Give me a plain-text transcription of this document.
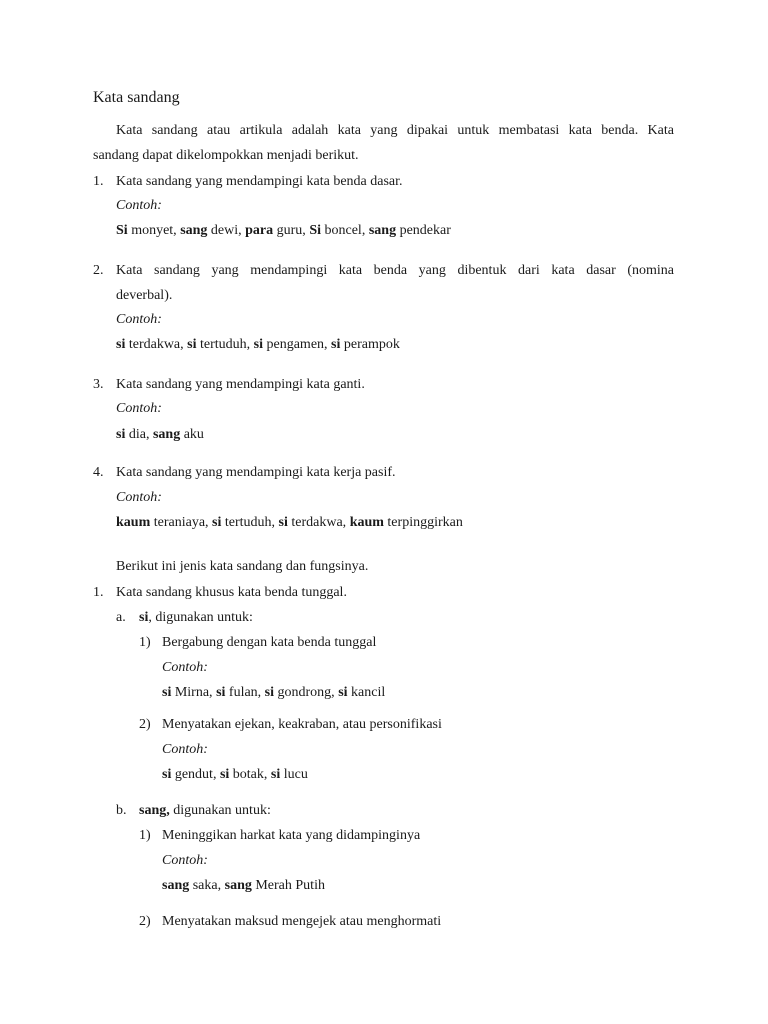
Kata sandang
Kata sandang atau artikula adalah kata yang dipakai untuk membatasi kata benda. Kata
sandang dapat dikelompokkan menjadi berikut.
1. Kata sandang yang mendampingi kata benda dasar.
Contoh:
Si monyet, sang dewi, para guru, Si boncel, sang pendekar
2. Kata sandang yang mendampingi kata benda yang dibentuk dari kata dasar (nomina
deverbal).
Contoh:
si terdakwa, si tertuduh, si pengamen, si perampok
3. Kata sandang yang mendampingi kata ganti.
Contoh:
si dia, sang aku
4. Kata sandang yang mendampingi kata kerja pasif.
Contoh:
kaum teraniaya, si tertuduh, si terdakwa, kaum terpinggirkan
Berikut ini jenis kata sandang dan fungsinya.
1. Kata sandang khusus kata benda tunggal.
a. si, digunakan untuk:
1) Bergabung dengan kata benda tunggal
Contoh:
si Mirna, si fulan, si gondrong, si kancil
2) Menyatakan ejekan, keakraban, atau personifikasi
Contoh:
si gendut, si botak, si lucu
b. sang, digunakan untuk:
1) Meninggikan harkat kata yang didampinginya
Contoh:
sang saka, sang Merah Putih
2) Menyatakan maksud mengejek atau menghormati
